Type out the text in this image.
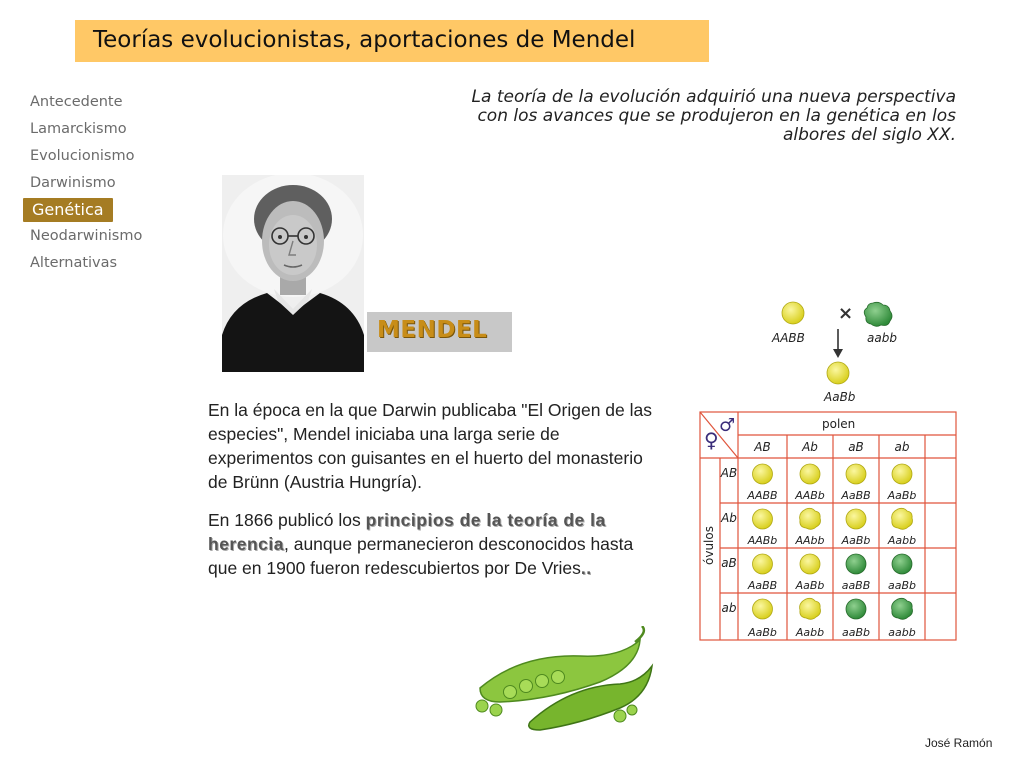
Teorías evolucionistas, aportaciones de Mendel
Antecedente
Lamarckismo
Evolucionismo
Darwinismo
Neodarwinismo
Alternativas
Genética
La teoría de la evolución adquirió una nueva perspectiva
con los avances que se produjeron en la genética en los
albores del siglo XX.
MENDEL

En la época en la que Darwin publicaba "El Origen de las especies", Mendel iniciaba una larga serie de experimentos con guisantes en el huerto del monasterio de Brünn (Austria Hungría).

En 1866 publicó los principios de la teoría de la herencia, aunque permanecieron desconocidos hasta que en 1900 fueron redescubiertos por De Vries..

×
AABB	aabb
AaBb
♀
♂	polen
óvulos
AB	Ab	aB	ab
AB
AABB AABb AaBB AaBb
Ab
AABb AAbb AaBb Aabb
aB
AaBB AaBb aaBB aaBb
ab
AaBb Aabb aaBb aabb
José Ramón
